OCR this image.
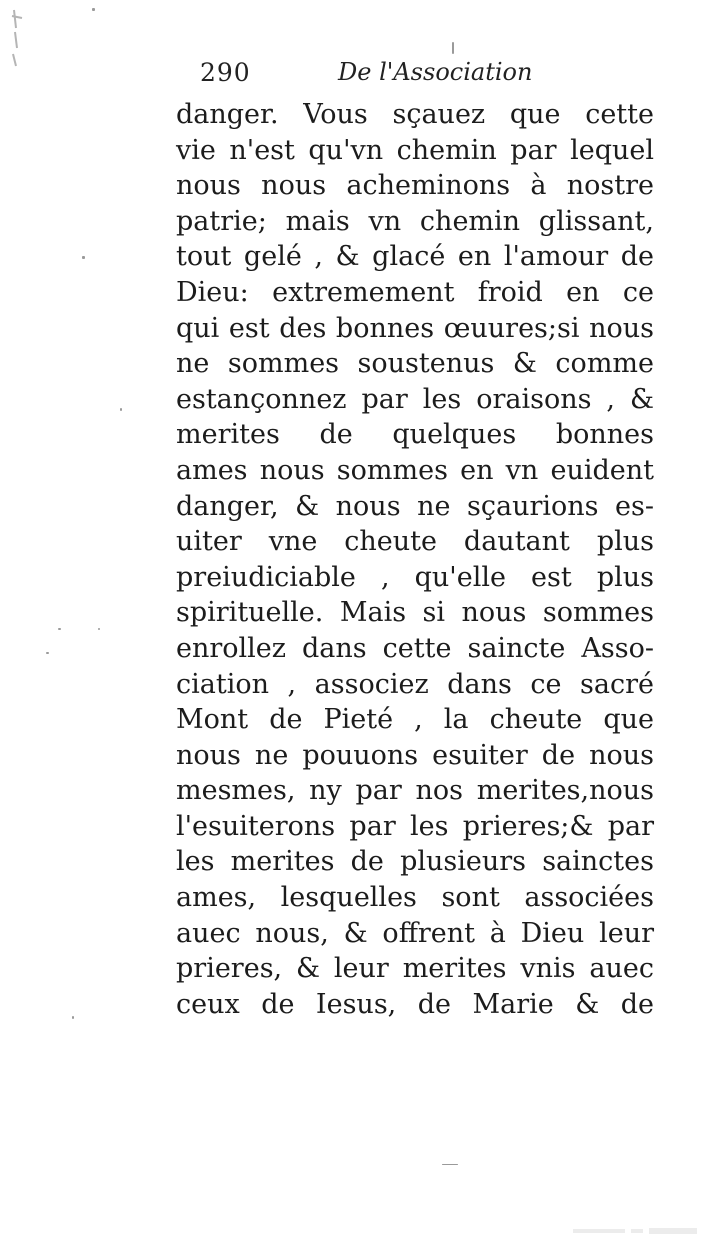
290	De l'Association
danger. Vous sçauez que cette
vie n'est qu'vn chemin par lequel
nous nous acheminons à nostre
patrie; mais vn chemin glissant,
tout gelé , & glacé en l'amour de
Dieu: extremement froid en ce
qui est des bonnes œuures;si nous
ne sommes soustenus & comme
estançonnez par les oraisons , &
merites de quelques bonnes
ames nous sommes en vn euident
danger, & nous ne sçaurions es-
uiter vne cheute dautant plus
preiudiciable , qu'elle est plus
spirituelle. Mais si nous sommes
enrollez dans cette saincte Asso-
ciation , associez dans ce sacré
Mont de Pieté , la cheute que
nous ne pouuons esuiter de nous
mesmes, ny par nos merites,nous
l'esuiterons par les prieres;& par
les merites de plusieurs sainctes
ames, lesquelles sont associées
auec nous, & offrent à Dieu leur
prieres, & leur merites vnis auec
ceux de Iesus, de Marie & de
